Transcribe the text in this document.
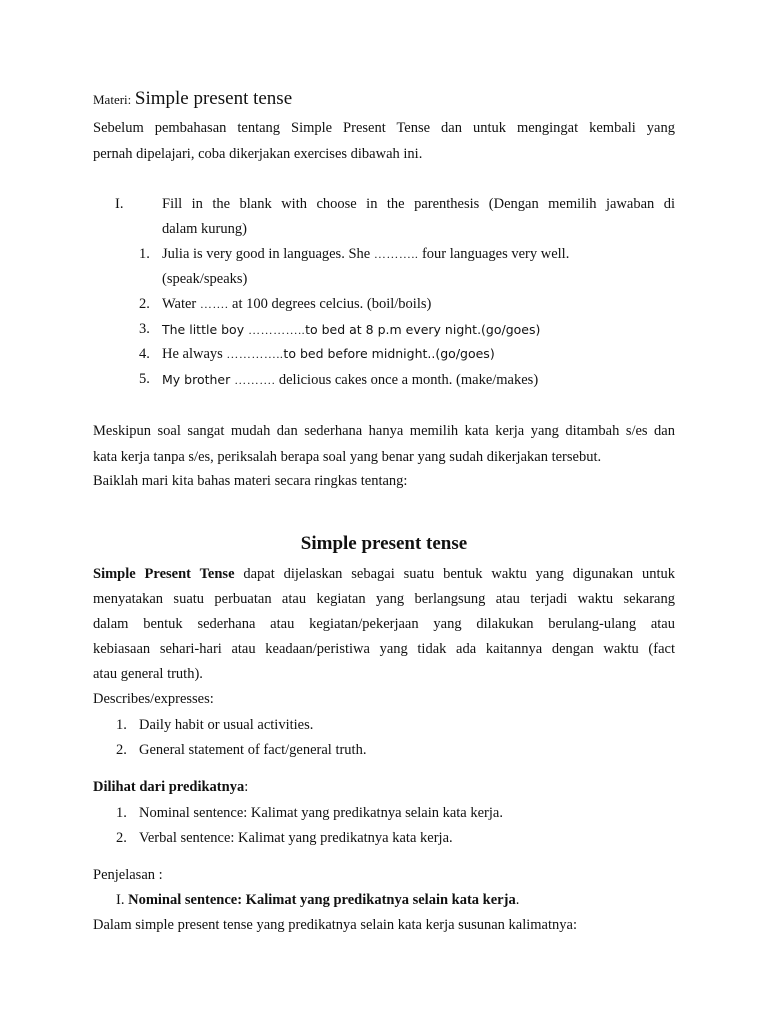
Materi: Simple present tense
Sebelum pembahasan tentang Simple Present Tense dan untuk mengingat kembali yang
pernah dipelajari, coba dikerjakan exercises dibawah ini.
I.	Fill in the blank with choose in the parenthesis (Dengan memilih jawaban di
dalam kurung)
1. Julia is very good in languages. She ……….. four languages very well.
(speak/speaks)
2. Water ……. at 100 degrees celcius. (boil/boils)
3. The little boy …………..to bed at 8 p.m every night.(go/goes)
4. He always …………..to bed before midnight..(go/goes)
5. My brother ………. delicious cakes once a month. (make/makes)
Meskipun soal sangat mudah dan sederhana hanya memilih kata kerja yang ditambah s/es dan
kata kerja tanpa s/es, periksalah berapa soal yang benar yang sudah dikerjakan tersebut.
Baiklah mari kita bahas materi secara ringkas tentang:
Simple present tense
Simple Present Tense dapat dijelaskan sebagai suatu bentuk waktu yang digunakan untuk
menyatakan suatu perbuatan atau kegiatan yang berlangsung atau terjadi waktu sekarang
dalam bentuk sederhana atau kegiatan/pekerjaan yang dilakukan berulang-ulang atau
kebiasaan sehari-hari atau keadaan/peristiwa yang tidak ada kaitannya dengan waktu (fact
atau general truth).
Describes/expresses:
1. Daily habit or usual activities.
2. General statement of fact/general truth.
Dilihat dari predikatnya:
1. Nominal sentence: Kalimat yang predikatnya selain kata kerja.
2. Verbal sentence: Kalimat yang predikatnya kata kerja.
Penjelasan :
I. Nominal sentence: Kalimat yang predikatnya selain kata kerja.
Dalam simple present tense yang predikatnya selain kata kerja susunan kalimatnya:
